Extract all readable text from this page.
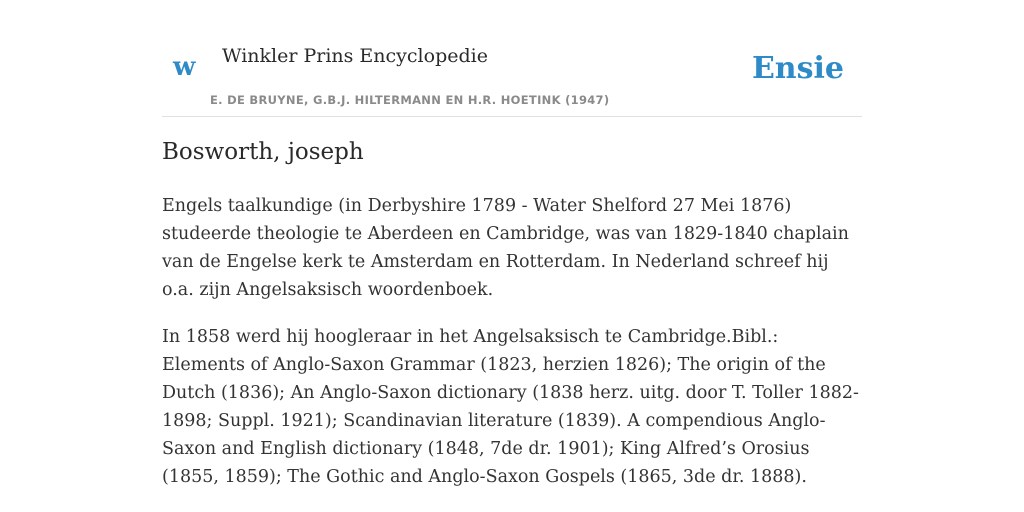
w Winkler Prins Encyclopedie
E. DE BRUYNE, G.B.J. HILTERMANN EN H.R. HOETINK (1947)
Ensie
Bosworth, joseph

Engels taalkundige (in Derbyshire 1789 - Water Shelford 27 Mei 1876) studeerde theologie te Aberdeen en Cambridge, was van 1829-1840 chaplain van de Engelse kerk te Amsterdam en Rotterdam. In Nederland schreef hij o.a. zijn Angelsaksisch woordenboek.

In 1858 werd hij hoogleraar in het Angelsaksisch te Cambridge.Bibl.: Elements of Anglo-Saxon Grammar (1823, herzien 1826); The origin of the Dutch (1836); An Anglo-Saxon dictionary (1838 herz. uitg. door T. Toller 1882-1898; Suppl. 1921); Scandinavian literature (1839). A compendious Anglo-Saxon and English dictionary (1848, 7de dr. 1901); King Alfred’s Orosius (1855, 1859); The Gothic and Anglo-Saxon Gospels (1865, 3de dr. 1888).
